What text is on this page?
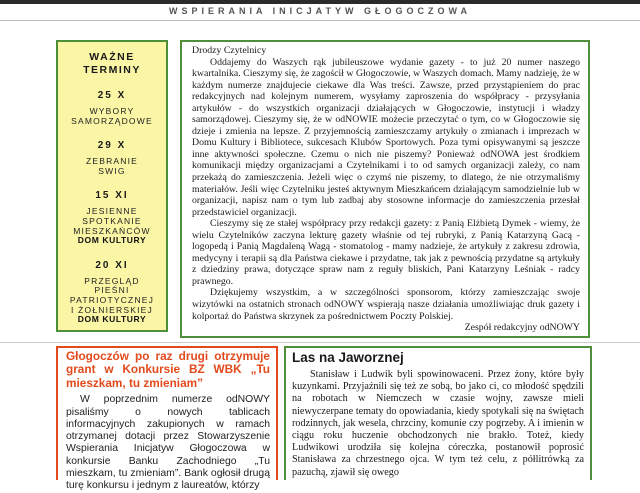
WSPIERANIA INICJATYW GŁOGOCZOWA
WAŻNE
TERMINY
25 X
WYBORY
SAMORZĄDOWE
29 X
ZEBRANIE
SWIG
15 XI
JESIENNE
SPOTKANIE
MIESZKAŃCÓW
DOM KULTURY
20 XI
PRZEGLĄD
PIEŚNI
PATRIOTYCZNEJ
I ŻOŁNIERSKIEJ
DOM KULTURY

Drodzy Czytelnicy

Oddajemy do Waszych rąk jubileuszowe wydanie gazety - to już 20 numer naszego kwartalnika. Cieszymy się, że zagościł w Głogoczowie, w Waszych domach. Mamy nadzieję, że w każdym numerze znajdujecie ciekawe dla Was treści. Zawsze, przed przystąpieniem do prac redakcyjnych nad kolejnym numerem, wysyłamy zaproszenia do współpracy - przysyłania artykułów - do wszystkich organizacji działających w Głogoczowie, instytucji i władzy samorządowej. Cieszymy się, że w odNOWIE możecie przeczytać o tym, co w Głogoczowie się dzieje i zmienia na lepsze. Z przyjemnością zamieszczamy artykuły o zmianach i imprezach w Domu Kultury i Bibliotece, sukcesach Klubów Sportowych. Poza tymi opisywanymi są jeszcze inne aktywności społeczne. Czemu o nich nie piszemy? Ponieważ odNOWA jest środkiem komunikacji między organizacjami a Czytelnikami i to od samych organizacji zależy, co nam przekażą do zamieszczenia. Jeżeli więc o czymś nie piszemy, to dlatego, że nie otrzymaliśmy materiałów. Jeśli więc Czytelniku jesteś aktywnym Mieszkańcem działającym samodzielnie lub w organizacji, napisz nam o tym lub zadbaj aby stosowne informacje do zamieszczenia przesłał przedstawiciel organizacji.

Cieszymy się ze stałej współpracy przy redakcji gazety: z Panią Elżbietą Dymek - wiemy, że wielu Czytelników zaczyna lekturę gazety właśnie od tej rubryki, z Panią Katarzyną Gacą - logopedą i Panią Magdaleną Wagą - stomatolog - mamy nadzieje, że artykuły z zakresu zdrowia, medycyny i terapii są dla Państwa ciekawe i przydatne, tak jak z pewnością przydatne są artykuły z dziedziny prawa, dotyczące spraw nam z reguły bliskich, Pani Katarzyny Leśniak - radcy prawnego.

Dziękujemy wszystkim, a w szczególności sponsorom, którzy zamieszczając swoje wizytówki na ostatnich stronach odNOWY wspierają nasze działania umożliwiając druk gazety i kolportaż do Państwa skrzynek za pośrednictwem Poczty Polskiej.

Zespół redakcyjny odNOWY

Głogoczów po raz drugi otrzymuje grant w Konkursie BZ WBK „Tu mieszkam, tu zmieniam”

W poprzednim numerze odNOWY pisaliśmy o nowych tablicach informacyjnych zakupionych w ramach otrzymanej dotacji przez Stowarzyszenie Wspierania Inicjatyw Głogoczowa w konkursie Banku Zachodniego „Tu mieszkam, tu zmieniam”. Bank ogłosił drugą turę konkursu i jednym z laureatów, którzy

Las na Jaworznej

Stanisław i Ludwik byli spowinowaceni. Przez żony, które były kuzynkami. Przyjaźnili się też ze sobą, bo jako ci, co młodość spędzili na robotach w Niemczech w czasie wojny, zawsze mieli niewyczerpane tematy do opowiadania, kiedy spotykali się na świętach rodzinnych, jak wesela, chrzciny, komunie czy pogrzeby. A i imienin w ciągu roku huczenie obchodzonych nie brakło. Toteż, kiedy Ludwikowi urodziła się kolejna córeczka, postanowił poprosić Stanisława za chrzestnego ojca. W tym też celu, z półlitrówką za pazuchą, zjawił się owego
